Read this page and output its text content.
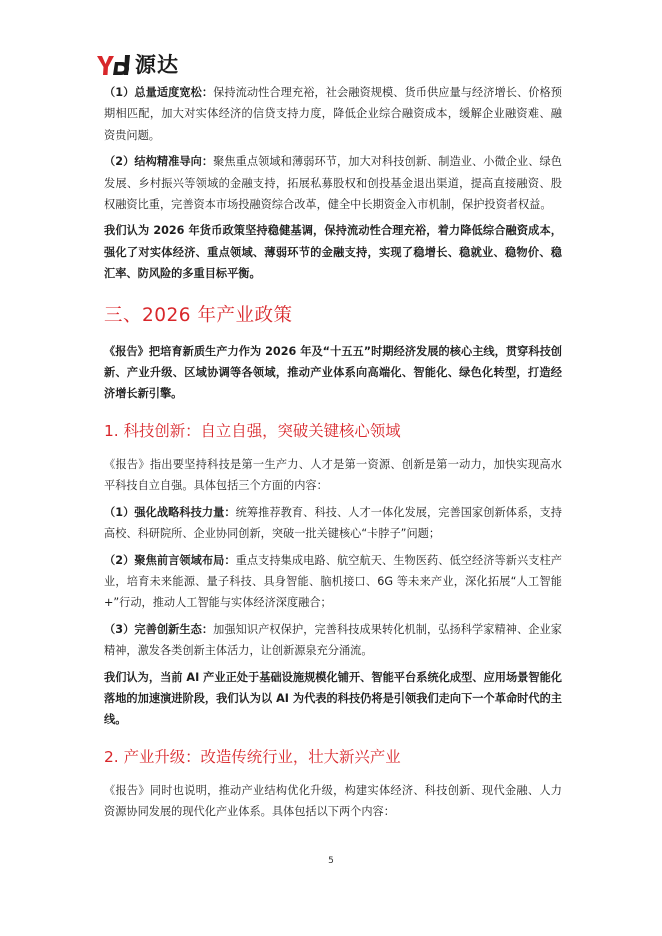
源达

（1）总量适度宽松：保持流动性合理充裕，社会融资规模、货币供应量与经济增长、价格预期相匹配，加大对实体经济的信贷支持力度，降低企业综合融资成本，缓解企业融资难、融资贵问题。

（2）结构精准导向：聚焦重点领域和薄弱环节，加大对科技创新、制造业、小微企业、绿色发展、乡村振兴等领域的金融支持，拓展私募股权和创投基金退出渠道，提高直接融资、股权融资比重，完善资本市场投融资综合改革，健全中长期资金入市机制，保护投资者权益。

我们认为 2026 年货币政策坚持稳健基调，保持流动性合理充裕，着力降低综合融资成本，强化了对实体经济、重点领域、薄弱环节的金融支持，实现了稳增长、稳就业、稳物价、稳汇率、防风险的多重目标平衡。

三、2026 年产业政策

《报告》把培育新质生产力作为 2026 年及“十五五”时期经济发展的核心主线，贯穿科技创新、产业升级、区域协调等各领域，推动产业体系向高端化、智能化、绿色化转型，打造经济增长新引擎。

1. 科技创新：自立自强，突破关键核心领域

《报告》指出要坚持科技是第一生产力、人才是第一资源、创新是第一动力，加快实现高水平科技自立自强。具体包括三个方面的内容：

（1）强化战略科技力量：统筹推荐教育、科技、人才一体化发展，完善国家创新体系，支持高校、科研院所、企业协同创新，突破一批关键核心“卡脖子”问题；

（2）聚焦前言领域布局：重点支持集成电路、航空航天、生物医药、低空经济等新兴支柱产业，培育未来能源、量子科技、具身智能、脑机接口、6G 等未来产业，深化拓展“人工智能+”行动，推动人工智能与实体经济深度融合；

（3）完善创新生态：加强知识产权保护，完善科技成果转化机制，弘扬科学家精神、企业家精神，激发各类创新主体活力，让创新源泉充分涌流。

我们认为，当前 AI 产业正处于基础设施规模化铺开、智能平台系统化成型、应用场景智能化落地的加速演进阶段，我们认为以 AI 为代表的科技仍将是引领我们走向下一个革命时代的主线。

2. 产业升级：改造传统行业，壮大新兴产业

《报告》同时也说明，推动产业结构优化升级，构建实体经济、科技创新、现代金融、人力资源协同发展的现代化产业体系。具体包括以下两个内容：

5
